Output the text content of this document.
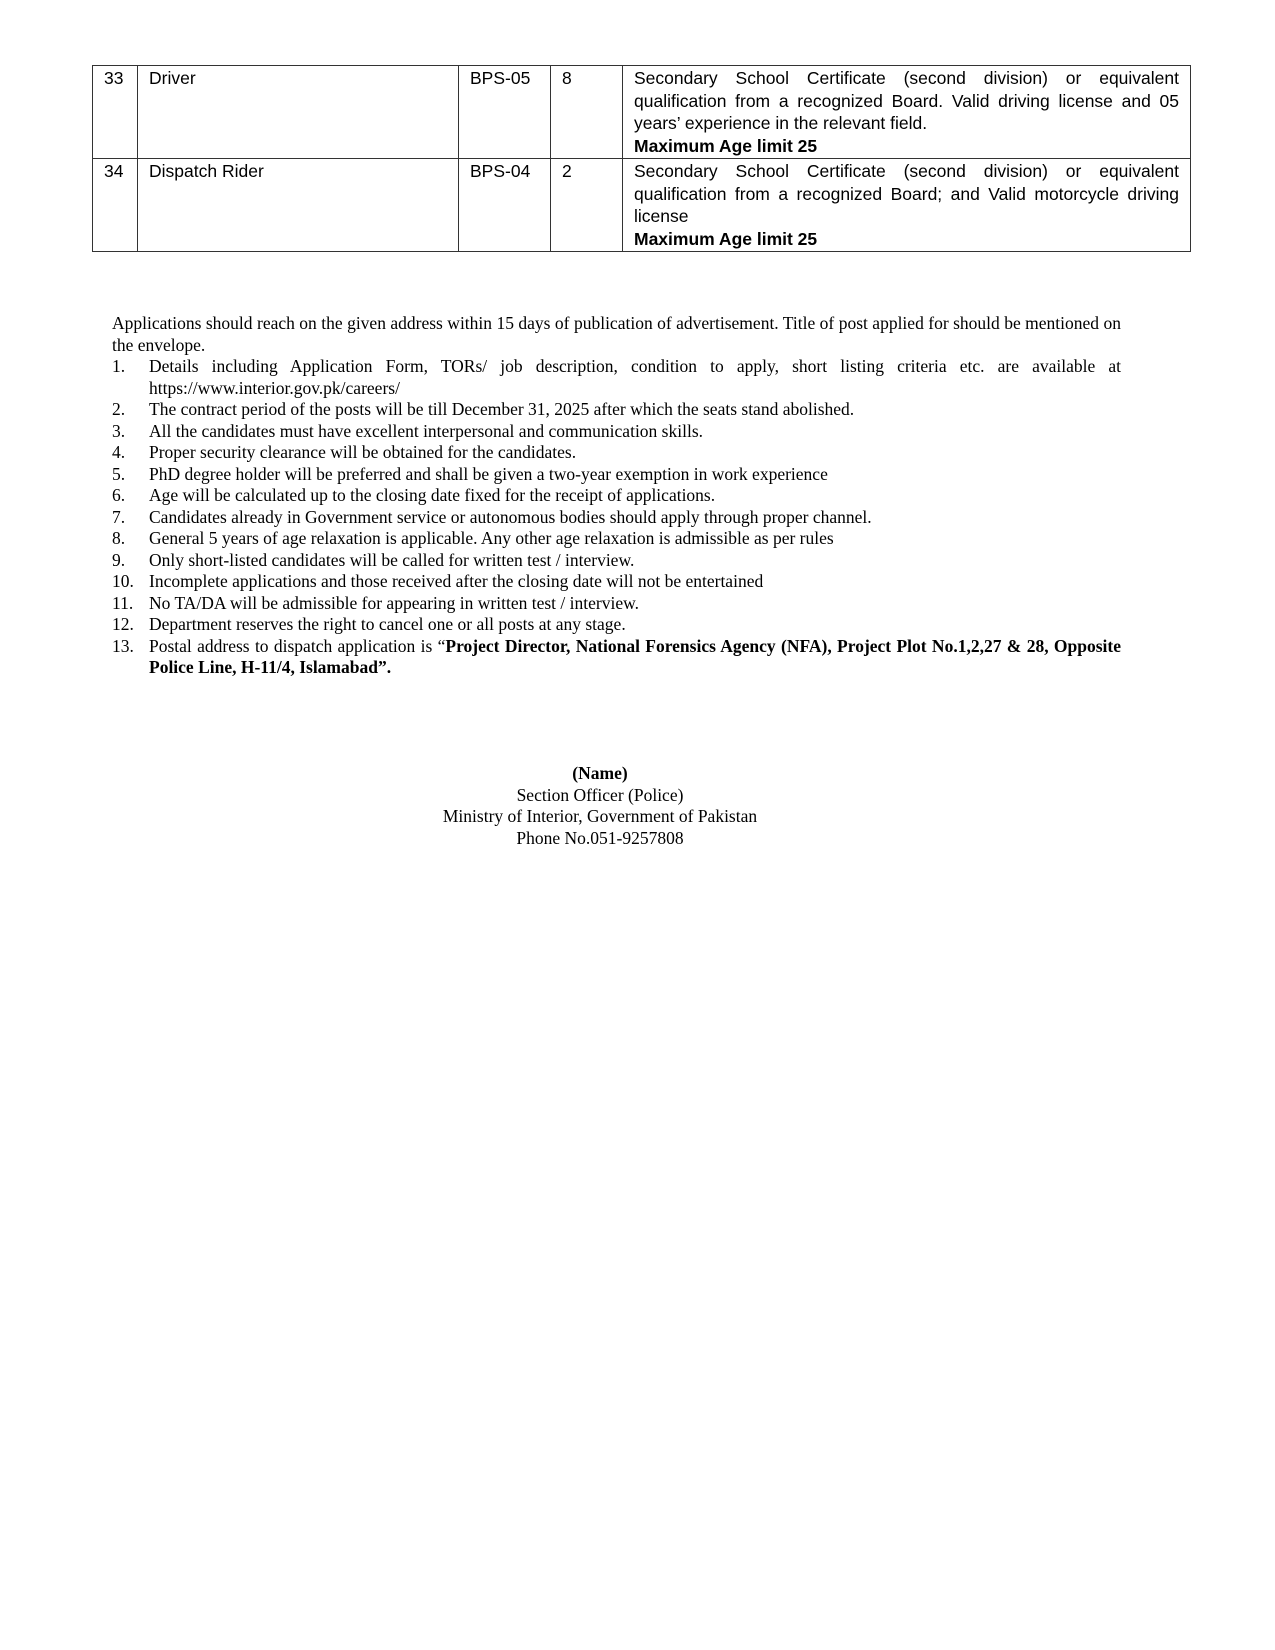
33	Driver	BPS-05	8	Secondary School Certificate (second division) or equivalent qualification from a recognized Board. Valid driving license and 05 years’ experience in the relevant field.
Maximum Age limit 25

34	Dispatch Rider	BPS-04	2	Secondary School Certificate (second division) or equivalent qualification from a recognized Board; and Valid motorcycle driving license
Maximum Age limit 25

Applications should reach on the given address within 15 days of publication of advertisement. Title of post applied for should be mentioned on the envelope.

1.	Details including Application Form, TORs/ job description, condition to apply, short listing criteria etc. are available at https://www.interior.gov.pk/careers/
2.	The contract period of the posts will be till December 31, 2025 after which the seats stand abolished.
3.	All the candidates must have excellent interpersonal and communication skills.
4.	Proper security clearance will be obtained for the candidates.
5.	PhD degree holder will be preferred and shall be given a two-year exemption in work experience
6.	Age will be calculated up to the closing date fixed for the receipt of applications.
7.	Candidates already in Government service or autonomous bodies should apply through proper channel.
8.	General 5 years of age relaxation is applicable. Any other age relaxation is admissible as per rules
9.	Only short-listed candidates will be called for written test / interview.
10. Incomplete applications and those received after the closing date will not be entertained
11. No TA/DA will be admissible for appearing in written test / interview.
12. Department reserves the right to cancel one or all posts at any stage.
13. Postal address to dispatch application is “Project Director, National Forensics Agency (NFA), Project Plot No.1,2,27 & 28, Opposite Police Line, H-11/4, Islamabad”.
(Name)
Section Officer (Police)
Ministry of Interior, Government of Pakistan
Phone No.051-9257808
